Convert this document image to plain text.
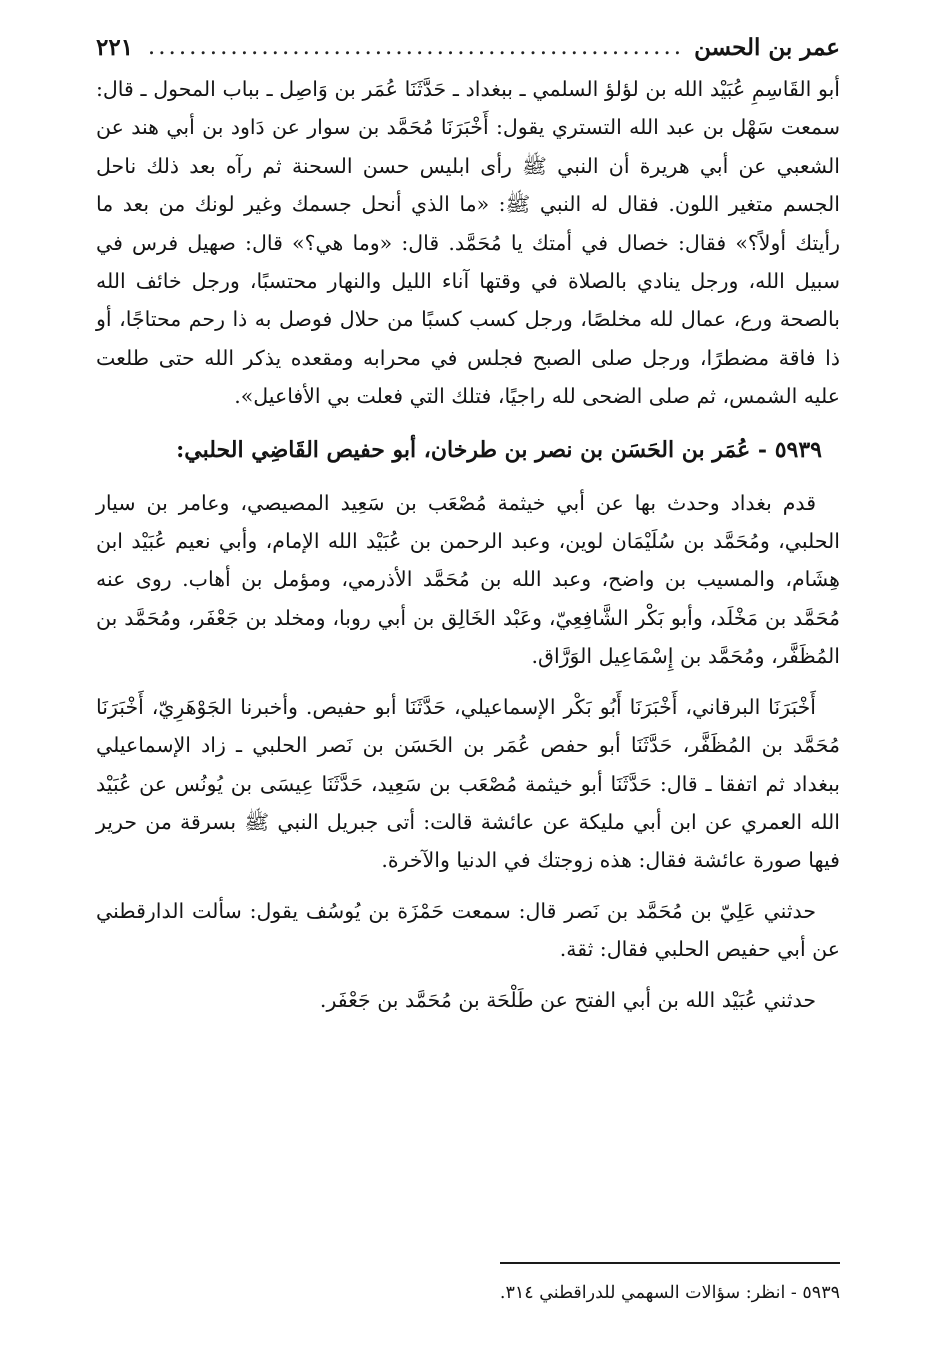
عمر بن الحسن
.....
٢٢١

أبو القَاسِمِ عُبَيْد الله بن لؤلؤ السلمي ـ ببغداد ـ حَدَّثَنَا عُمَر بن وَاصِل ـ بباب المحول ـ قال: سمعت سَهْل بن عبد الله التستري يقول: أَخْبَرَنَا مُحَمَّد بن سوار عن دَاود بن أبي هند عن الشعبي عن أبي هريرة أن النبي ﷺ رأى ابليس حسن السحنة ثم رآه بعد ذلك ناحل الجسم متغير اللون. فقال له النبي ﷺ: «ما الذي أنحل جسمك وغير لونك من بعد ما رأيتك أولاً؟» فقال: خصال في أمتك يا مُحَمَّد. قال: «وما هي؟» قال: صهيل فرس في سبيل الله، ورجل ينادي بالصلاة في وقتها آناء الليل والنهار محتسبًا، ورجل خائف الله بالصحة ورع، عمال لله مخلصًا، ورجل كسب كسبًا من حلال فوصل به ذا رحم محتاجًا، أو ذا فاقة مضطرًا، ورجل صلى الصبح فجلس في محرابه ومقعده يذكر الله حتى طلعت عليه الشمس، ثم صلى الضحى لله راجيًا، فتلك التي فعلت بي الأفاعيل».

٥٩٣٩ - عُمَر بن الحَسَن بن نصر بن طرخان، أبو حفيص القَاضِي الحلبي:

قدم بغداد وحدث بها عن أبي خيثمة مُصْعَب بن سَعِيد المصيصي، وعامر بن سيار الحلبي، ومُحَمَّد بن سُلَيْمَان لوين، وعبد الرحمن بن عُبَيْد الله الإمام، وأبي نعيم عُبَيْد ابن هِشَام، والمسيب بن واضح، وعبد الله بن مُحَمَّد الأذرمي، ومؤمل بن أهاب. روى عنه مُحَمَّد بن مَخْلَد، وأبو بَكْر الشَّافِعِيّ، وعَبْد الخَالِق بن أبي روبا، ومخلد بن جَعْفَر، ومُحَمَّد بن المُظَفَّر، ومُحَمَّد بن إِسْمَاعِيل الوَرَّاق.

أَخْبَرَنَا البرقاني، أَخْبَرَنَا أَبُو بَكْر الإسماعيلي، حَدَّثَنَا أبو حفيص. وأخبرنا الجَوْهَرِيّ، أَخْبَرَنَا مُحَمَّد بن المُظَفَّر، حَدَّثَنَا أبو حفص عُمَر بن الحَسَن بن نَصر الحلبي ـ زاد الإسماعيلي ببغداد ثم اتفقا ـ قال: حَدَّثَنَا أبو خيثمة مُصْعَب بن سَعِيد، حَدَّثَنَا عِيسَى بن يُونُس عن عُبَيْد الله العمري عن ابن أبي مليكة عن عائشة قالت: أتى جبريل النبي ﷺ بسرقة من حرير فيها صورة عائشة فقال: هذه زوجتك في الدنيا والآخرة.

حدثني عَلِيّ بن مُحَمَّد بن نَصر قال: سمعت حَمْزَة بن يُوسُف يقول: سألت الدارقطني عن أبي حفيص الحلبي فقال: ثقة.

حدثني عُبَيْد الله بن أبي الفتح عن طَلْحَة بن مُحَمَّد بن جَعْفَر.

٥٩٣٩ - انظر: سؤالات السهمي للدراقطني ٣١٤.
